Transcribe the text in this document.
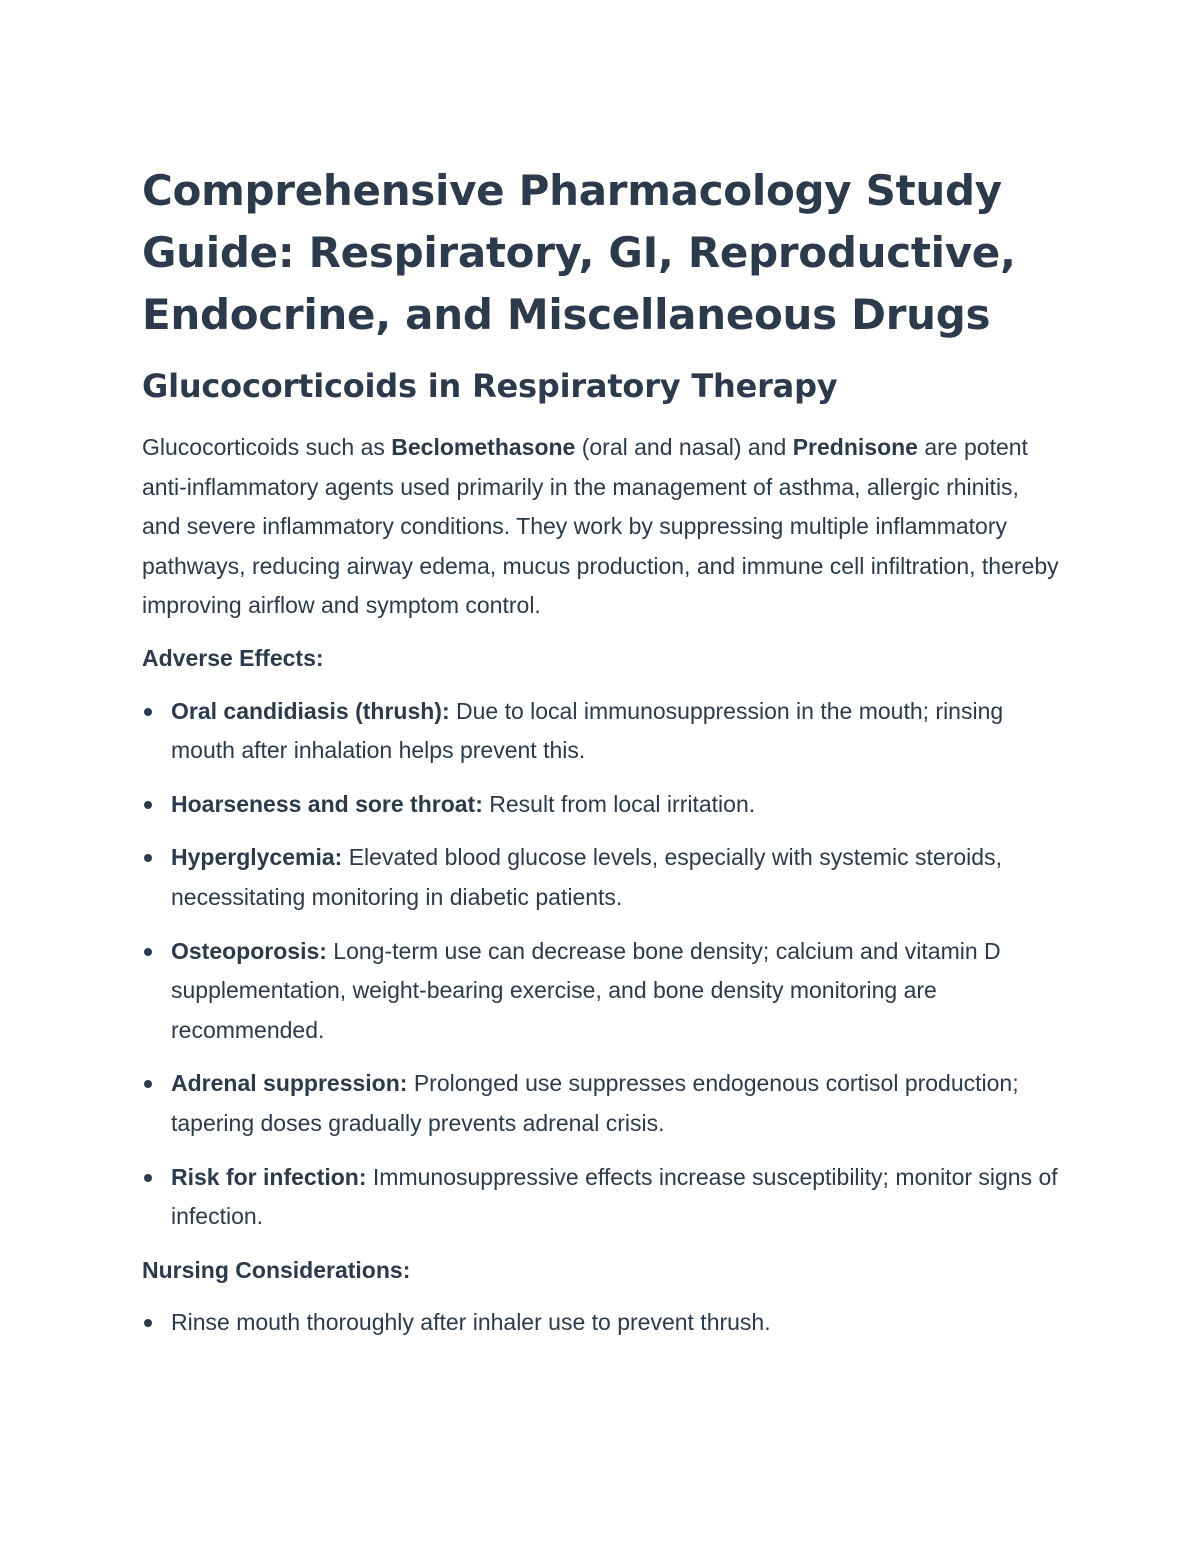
Comprehensive Pharmacology Study Guide: Respiratory, GI, Reproductive, Endocrine, and Miscellaneous Drugs
Glucocorticoids in Respiratory Therapy

Glucocorticoids such as Beclomethasone (oral and nasal) and Prednisone are potent anti-inflammatory agents used primarily in the management of asthma, allergic rhinitis, and severe inflammatory conditions. They work by suppressing multiple inflammatory pathways, reducing airway edema, mucus production, and immune cell infiltration, thereby improving airflow and symptom control.

Adverse Effects:
Oral candidiasis (thrush): Due to local immunosuppression in the mouth; rinsing mouth after inhalation helps prevent this.
Hoarseness and sore throat: Result from local irritation.
Hyperglycemia: Elevated blood glucose levels, especially with systemic steroids, necessitating monitoring in diabetic patients.
Osteoporosis: Long-term use can decrease bone density; calcium and vitamin D supplementation, weight-bearing exercise, and bone density monitoring are recommended.
Adrenal suppression: Prolonged use suppresses endogenous cortisol production; tapering doses gradually prevents adrenal crisis.
Risk for infection: Immunosuppressive effects increase susceptibility; monitor signs of infection.
Nursing Considerations:
Rinse mouth thoroughly after inhaler use to prevent thrush.
